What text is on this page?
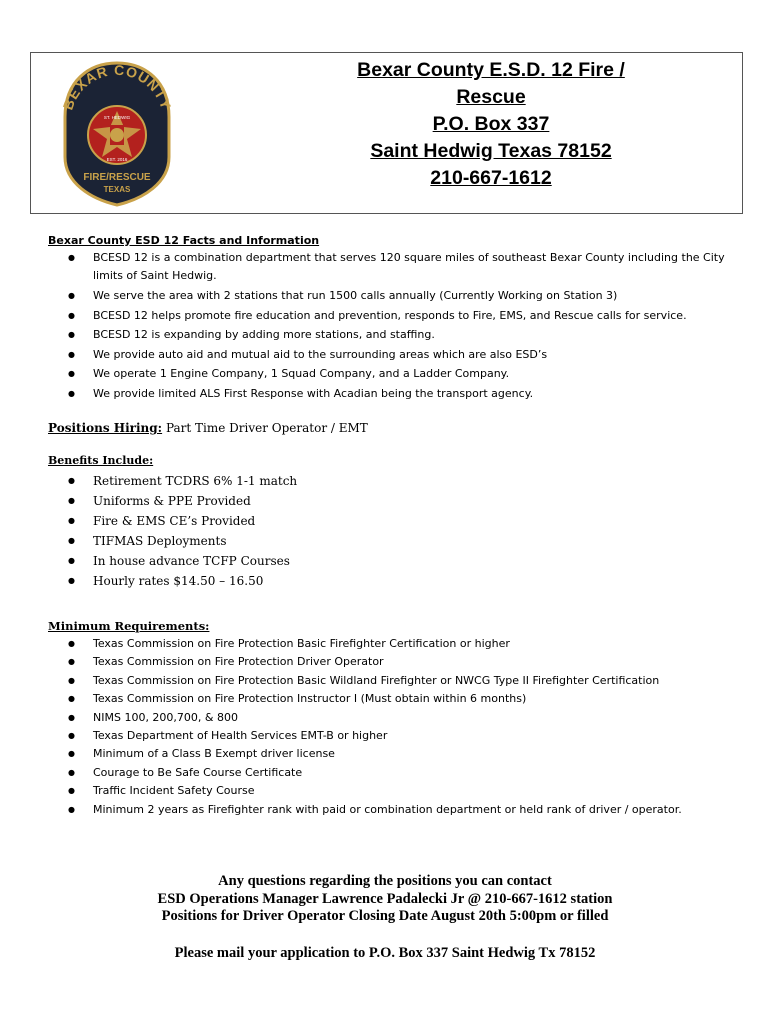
BEXAR COUNTY
ST. HEDWIG
EST. 2016
FIRE/RESCUE
TEXAS
Bexar County E.S.D. 12 Fire / Rescue
P.O. Box 337
Saint Hedwig Texas 78152
210-667-1612
Bexar County ESD 12 Facts and Information
● BCESD 12 is a combination department that serves 120 square miles of southeast Bexar County including the City limits of Saint Hedwig.
● We serve the area with 2 stations that run 1500 calls annually (Currently Working on Station 3)
● BCESD 12 helps promote fire education and prevention, responds to Fire, EMS, and Rescue calls for service.
● BCESD 12 is expanding by adding more stations, and staffing.
● We provide auto aid and mutual aid to the surrounding areas which are also ESD’s
● We operate 1 Engine Company, 1 Squad Company, and a Ladder Company.
● We provide limited ALS First Response with Acadian being the transport agency.
Positions Hiring: Part Time Driver Operator / EMT
Benefits Include:
● Retirement TCDRS 6% 1-1 match
● Uniforms & PPE Provided
● Fire & EMS CE’s Provided
● TIFMAS Deployments
● In house advance TCFP Courses
● Hourly rates $14.50 – 16.50
Minimum Requirements:
● Texas Commission on Fire Protection Basic Firefighter Certification or higher
● Texas Commission on Fire Protection Driver Operator
● Texas Commission on Fire Protection Basic Wildland Firefighter or NWCG Type II Firefighter Certification
● Texas Commission on Fire Protection Instructor I (Must obtain within 6 months)
● NIMS 100, 200,700, & 800
● Texas Department of Health Services EMT-B or higher
● Minimum of a Class B Exempt driver license
● Courage to Be Safe Course Certificate
● Traffic Incident Safety Course
● Minimum 2 years as Firefighter rank with paid or combination department or held rank of driver / operator.
Any questions regarding the positions you can contact
ESD Operations Manager Lawrence Padalecki Jr @ 210-667-1612 station
Positions for Driver Operator Closing Date August 20th 5:00pm or filled
Please mail your application to P.O. Box 337 Saint Hedwig Tx 78152
